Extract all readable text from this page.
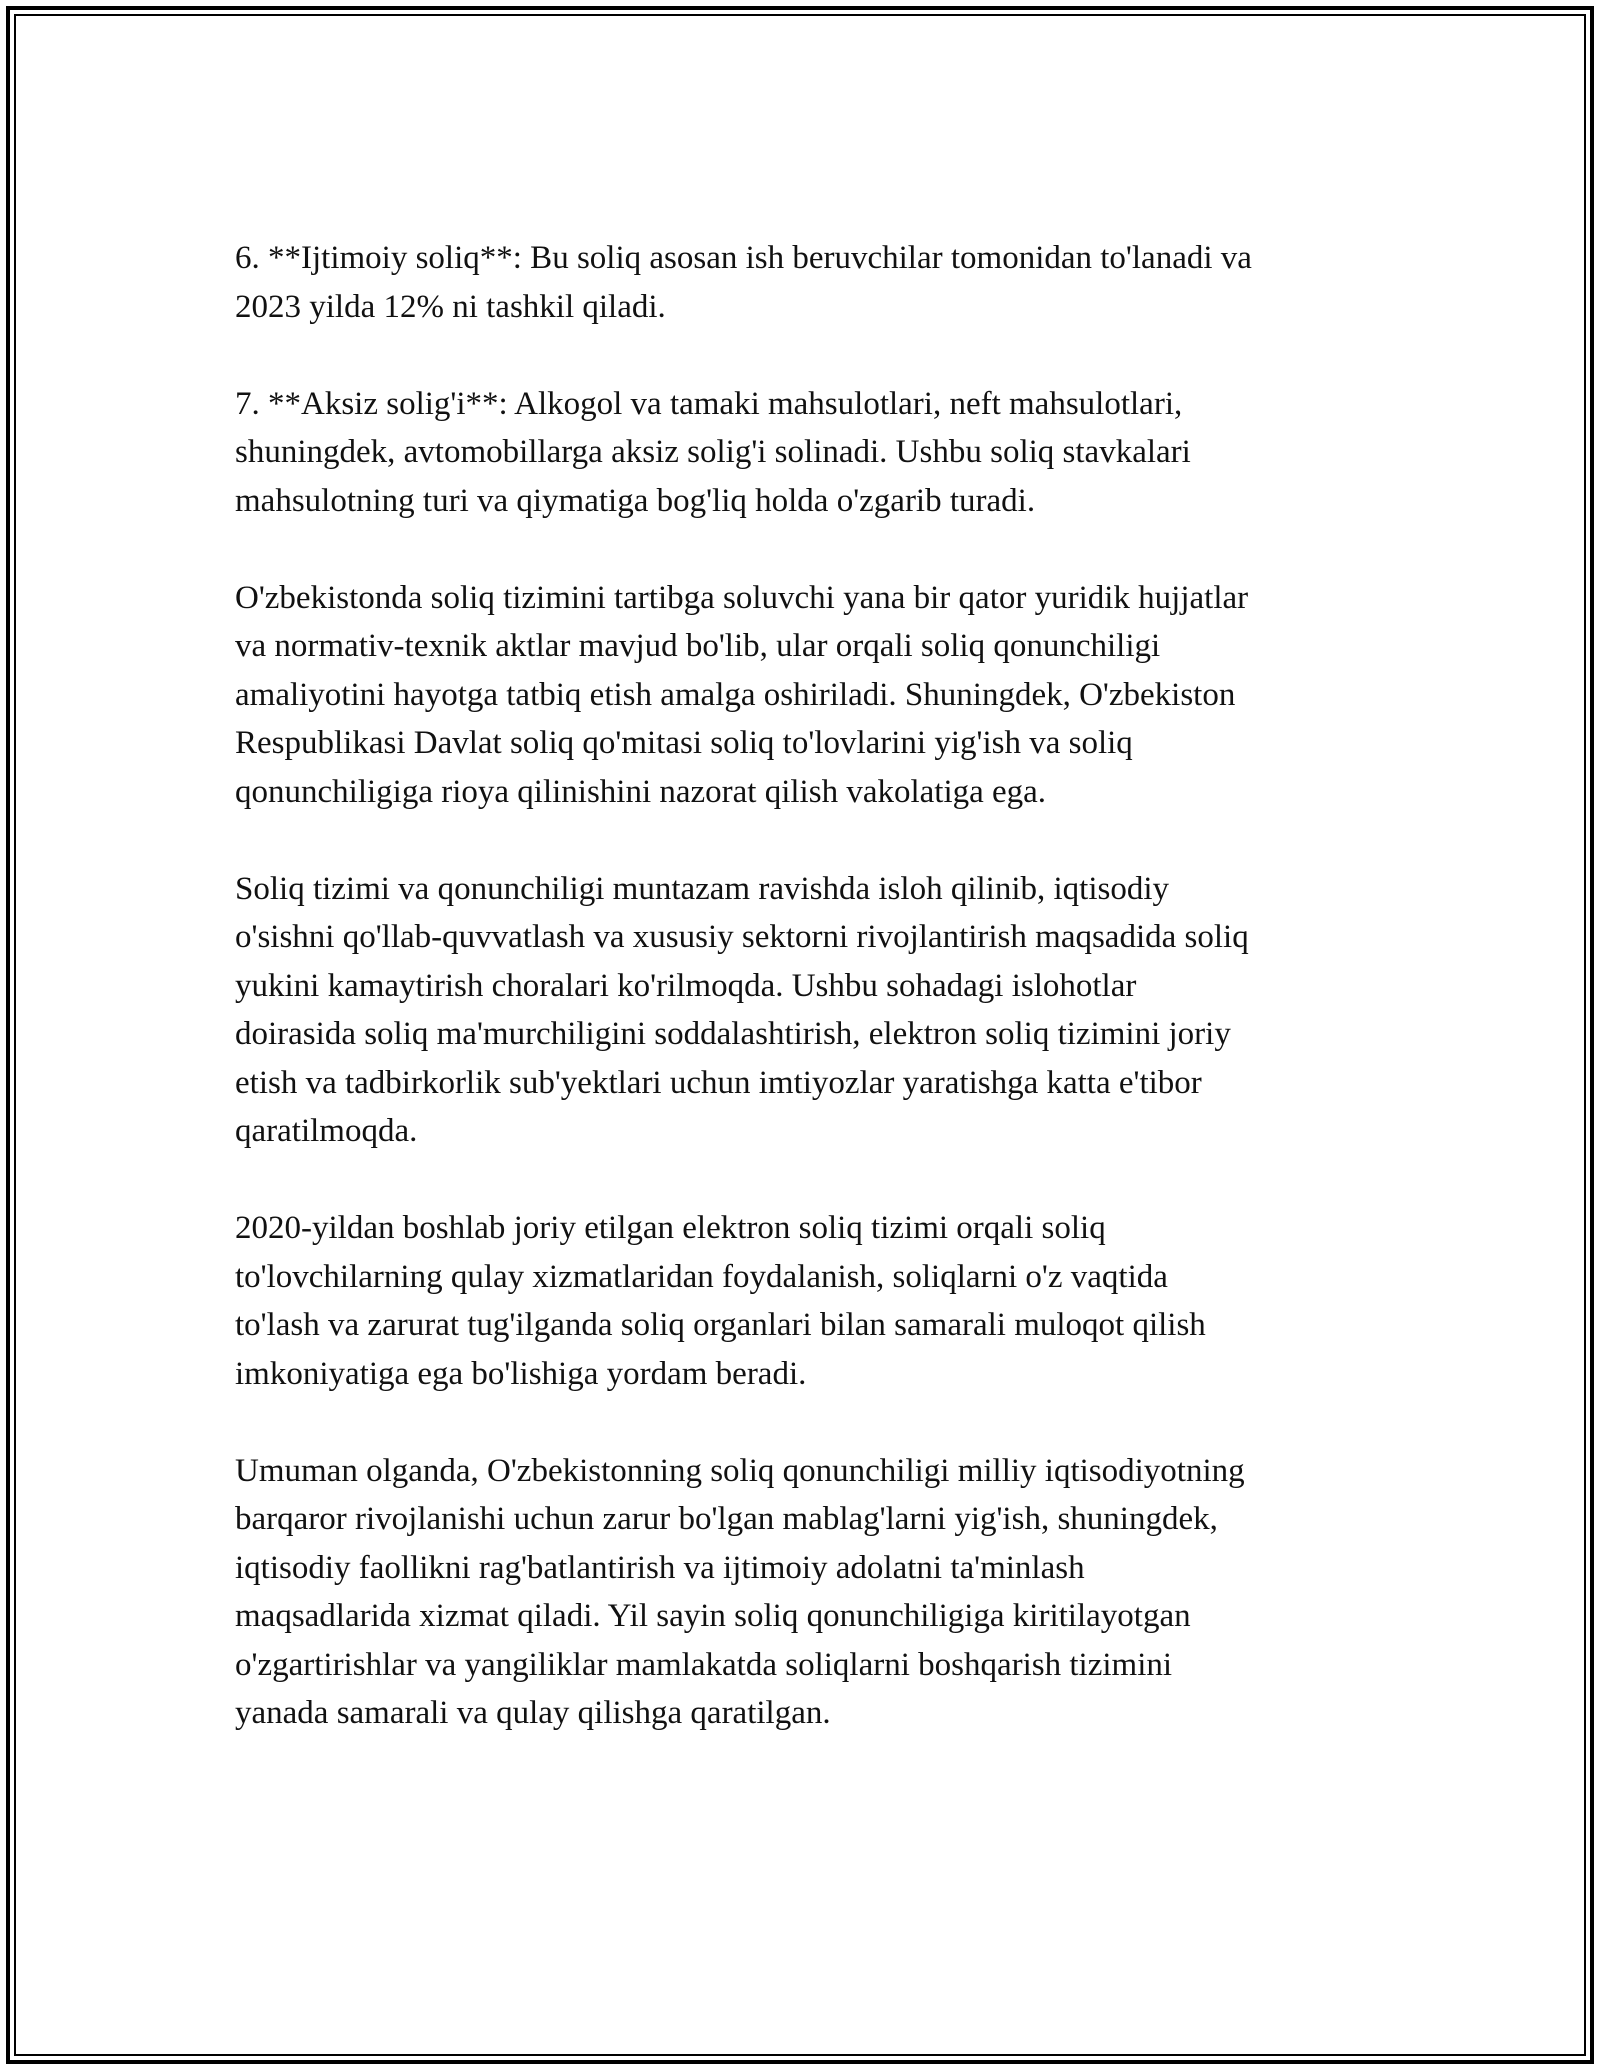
6. **Ijtimoiy soliq**: Bu soliq asosan ish beruvchilar tomonidan to'lanadi va
2023 yilda 12% ni tashkil qiladi.

7. **Aksiz solig'i**: Alkogol va tamaki mahsulotlari, neft mahsulotlari,
shuningdek, avtomobillarga aksiz solig'i solinadi. Ushbu soliq stavkalari
mahsulotning turi va qiymatiga bog'liq holda o'zgarib turadi.

O'zbekistonda soliq tizimini tartibga soluvchi yana bir qator yuridik hujjatlar
va normativ-texnik aktlar mavjud bo'lib, ular orqali soliq qonunchiligi
amaliyotini hayotga tatbiq etish amalga oshiriladi. Shuningdek, O'zbekiston
Respublikasi Davlat soliq qo'mitasi soliq to'lovlarini yig'ish va soliq
qonunchiligiga rioya qilinishini nazorat qilish vakolatiga ega.

Soliq tizimi va qonunchiligi muntazam ravishda isloh qilinib, iqtisodiy
o'sishni qo'llab-quvvatlash va xususiy sektorni rivojlantirish maqsadida soliq
yukini kamaytirish choralari ko'rilmoqda. Ushbu sohadagi islohotlar
doirasida soliq ma'murchiligini soddalashtirish, elektron soliq tizimini joriy
etish va tadbirkorlik sub'yektlari uchun imtiyozlar yaratishga katta e'tibor
qaratilmoqda.

2020-yildan boshlab joriy etilgan elektron soliq tizimi orqali soliq
to'lovchilarning qulay xizmatlaridan foydalanish, soliqlarni o'z vaqtida
to'lash va zarurat tug'ilganda soliq organlari bilan samarali muloqot qilish
imkoniyatiga ega bo'lishiga yordam beradi.

Umuman olganda, O'zbekistonning soliq qonunchiligi milliy iqtisodiyotning
barqaror rivojlanishi uchun zarur bo'lgan mablag'larni yig'ish, shuningdek,
iqtisodiy faollikni rag'batlantirish va ijtimoiy adolatni ta'minlash
maqsadlarida xizmat qiladi. Yil sayin soliq qonunchiligiga kiritilayotgan
o'zgartirishlar va yangiliklar mamlakatda soliqlarni boshqarish tizimini
yanada samarali va qulay qilishga qaratilgan.
